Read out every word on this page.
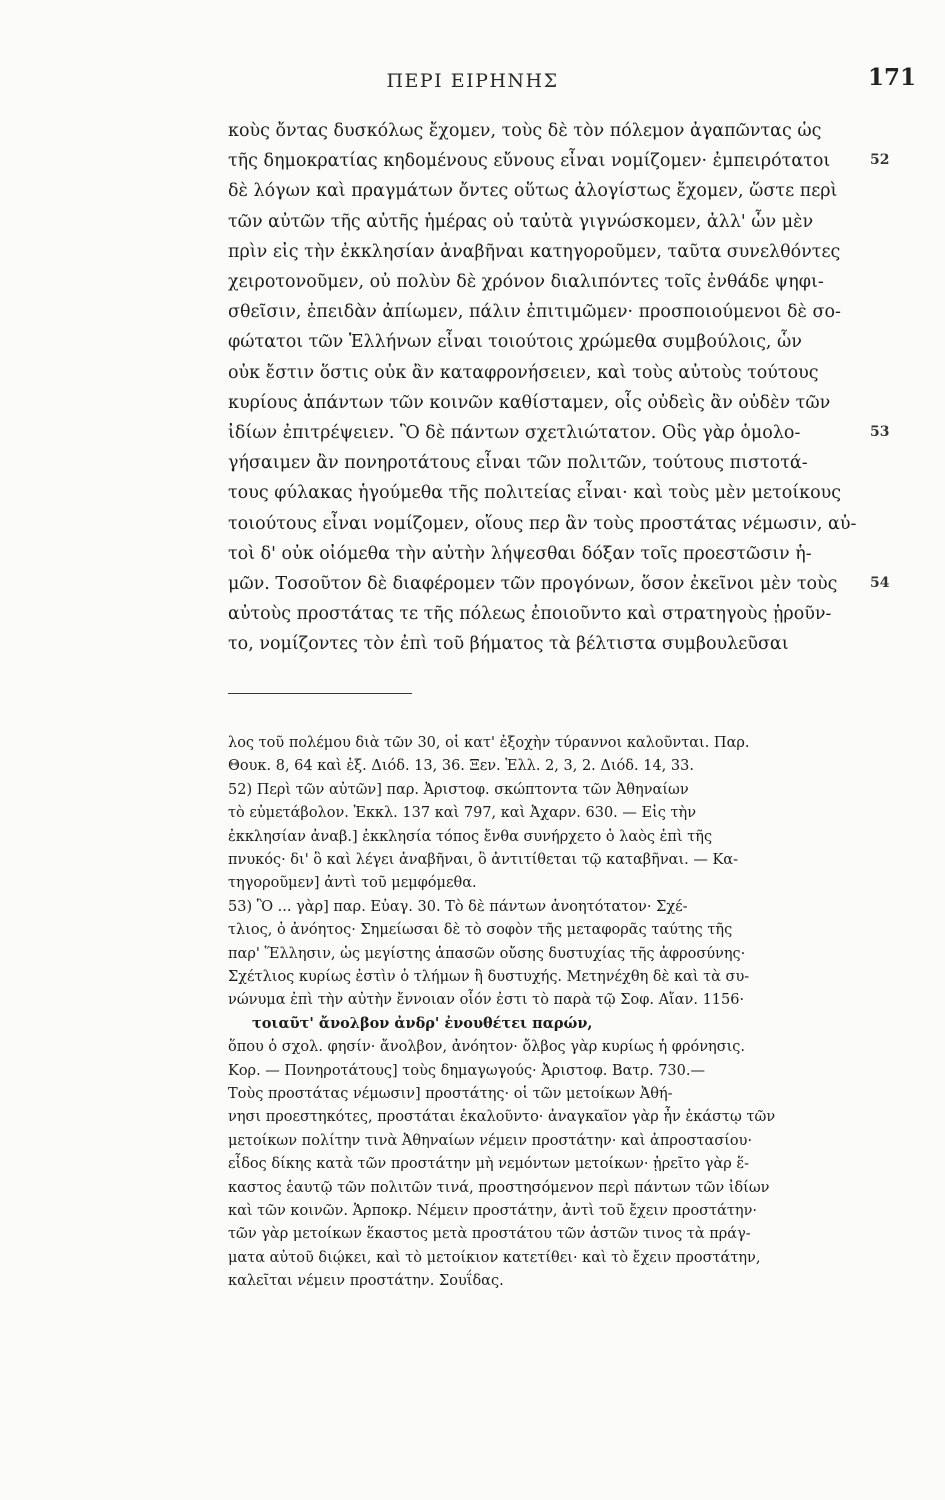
ΠΕΡΙ ΕΙΡΗΝΗΣ	171
κοὺς ὄντας δυσκόλως ἔχομεν, τοὺς δὲ τὸν πόλεμον ἀγαπῶντας ὡς
τῆς δημοκρατίας κηδομένους εὔνους εἶναι νομίζομεν· ἐμπειρότατοι
δὲ λόγων καὶ πραγμάτων ὄντες οὕτως ἀλογίστως ἔχομεν, ὥστε περὶ
τῶν αὐτῶν τῆς αὐτῆς ἡμέρας οὐ ταὐτὰ γιγνώσκομεν, ἀλλ' ὧν μὲν
πρὶν εἰς τὴν ἐκκλησίαν ἀναβῆναι κατηγοροῦμεν, ταῦτα συνελθόντες
χειροτονοῦμεν, οὐ πολὺν δὲ χρόνον διαλιπόντες τοῖς ἐνθάδε ψηφι-
σθεῖσιν, ἐπειδὰν ἀπίωμεν, πάλιν ἐπιτιμῶμεν· προσποιούμενοι δὲ σο-
φώτατοι τῶν Ἑλλήνων εἶναι τοιούτοις χρώμεθα συμβούλοις, ὧν
οὐκ ἔστιν ὅστις οὐκ ἂν καταφρονήσειεν, καὶ τοὺς αὐτοὺς τούτους
κυρίους ἁπάντων τῶν κοινῶν καθίσταμεν, οἷς οὐδεὶς ἂν οὐδὲν τῶν
ἰδίων ἐπιτρέψειεν. Ὃ δὲ πάντων σχετλιώτατον. Οὓς γὰρ ὁμολο-
γήσαιμεν ἂν πονηροτάτους εἶναι τῶν πολιτῶν, τούτους πιστοτά-
τους φύλακας ἡγούμεθα τῆς πολιτείας εἶναι· καὶ τοὺς μὲν μετοίκους
τοιούτους εἶναι νομίζομεν, οἵους περ ἂν τοὺς προστάτας νέμωσιν, αὐ-
τοὶ δ' οὐκ οἰόμεθα τὴν αὐτὴν λήψεσθαι δόξαν τοῖς προεστῶσιν ἡ-
μῶν. Τοσοῦτον δὲ διαφέρομεν τῶν προγόνων, ὅσον ἐκεῖνοι μὲν τοὺς
αὐτοὺς προστάτας τε τῆς πόλεως ἐποιοῦντο καὶ στρατηγοὺς ᾑροῦν-
το, νομίζοντες τὸν ἐπὶ τοῦ βήματος τὰ βέλτιστα συμβουλεῦσαι
52
53
54
λος τοῦ πολέμου διὰ τῶν 30, οἱ κατ' ἐξοχὴν τύραννοι καλοῦνται. Παρ.
Θουκ. 8, 64 καὶ ἑξ. Διόδ. 13, 36. Ξεν. Ἑλλ. 2, 3, 2. Διόδ. 14, 33.
52) Περὶ τῶν αὐτῶν] παρ. Ἀριστοφ. σκώπτοντα τῶν Ἀθηναίων
τὸ εὐμετάβολον. Ἐκκλ. 137 καὶ 797, καὶ Ἀχαρν. 630. — Εἰς τὴν
ἐκκλησίαν ἀναβ.] ἐκκλησία τόπος ἔνθα συνήρχετο ὁ λαὸς ἐπὶ τῆς
πνυκός· δι' ὃ καὶ λέγει ἀναβῆναι, ὃ ἀντιτίθεται τῷ καταβῆναι. — Κα-
τηγοροῦμεν] ἀντὶ τοῦ μεμφόμεθα.
53) Ὃ ... γὰρ] παρ. Εὐαγ. 30. Τὸ δὲ πάντων ἀνοητότατον· Σχέ-
τλιος, ὁ ἀνόητος· Σημείωσαι δὲ τὸ σοφὸν τῆς μεταφορᾶς ταύτης τῆς
παρ' Ἕλλησιν, ὡς μεγίστης ἁπασῶν οὔσης δυστυχίας τῆς ἀφροσύνης·
Σχέτλιος κυρίως ἐστὶν ὁ τλήμων ἢ δυστυχής. Μετηνέχθη δὲ καὶ τὰ συ-
νώνυμα ἐπὶ τὴν αὐτὴν ἔννοιαν οἷόν ἐστι τὸ παρὰ τῷ Σοφ. Αἴαν. 1156·
τοιαῦτ' ἄνολβον ἀνδρ' ἐνουθέτει παρών,
ὅπου ὁ σχολ. φησίν· ἄνολβον, ἀνόητον· ὄλβος γὰρ κυρίως ἡ φρόνησις.
Κορ. — Πονηροτάτους] τοὺς δημαγωγούς· Ἀριστοφ. Βατρ. 730.—
Τοὺς προστάτας νέμωσιν] προστάτης· οἱ τῶν μετοίκων Ἀθή-
νησι προεστηκότες, προστάται ἐκαλοῦντο· ἀναγκαῖον γὰρ ἦν ἑκάστῳ τῶν
μετοίκων πολίτην τινὰ Ἀθηναίων νέμειν προστάτην· καὶ ἀπροστασίου·
εἶδος δίκης κατὰ τῶν προστάτην μὴ νεμόντων μετοίκων· ᾑρεῖτο γὰρ ἕ-
καστος ἑαυτῷ τῶν πολιτῶν τινά, προστησόμενον περὶ πάντων τῶν ἰδίων
καὶ τῶν κοινῶν. Ἁρποκρ. Νέμειν προστάτην, ἀντὶ τοῦ ἔχειν προστάτην·
τῶν γὰρ μετοίκων ἕκαστος μετὰ προστάτου τῶν ἀστῶν τινος τὰ πράγ-
ματα αὐτοῦ διῴκει, καὶ τὸ μετοίκιον κατετίθει· καὶ τὸ ἔχειν προστάτην,
καλεῖται νέμειν προστάτην. Σουΐδας.
